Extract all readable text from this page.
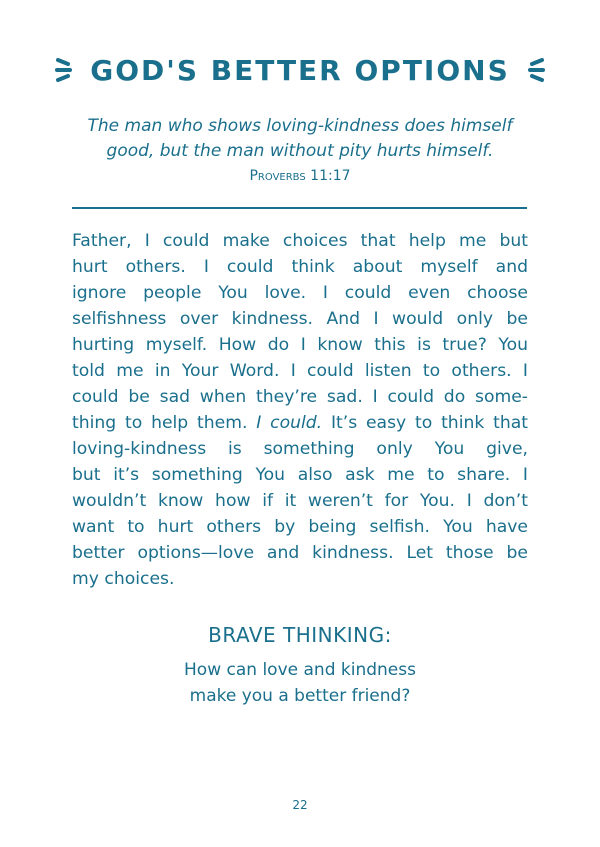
GOD'S BETTER OPTIONS
The man who shows loving-kindness does himself
good, but the man without pity hurts himself.
Proverbs 11:17
Father, I could make choices that help me but
hurt others. I could think about myself and
ignore people You love. I could even choose
selfishness over kindness. And I would only be
hurting myself. How do I know this is true? You
told me in Your Word. I could listen to others. I
could be sad when they’re sad. I could do some-
thing to help them. I could. It’s easy to think that
loving-kindness is something only You give,
but it’s something You also ask me to share. I
wouldn’t know how if it weren’t for You. I don’t
want to hurt others by being selfish. You have
better options—love and kindness. Let those be
my choices.
BRAVE THINKING:
How can love and kindness
make you a better friend?
22
